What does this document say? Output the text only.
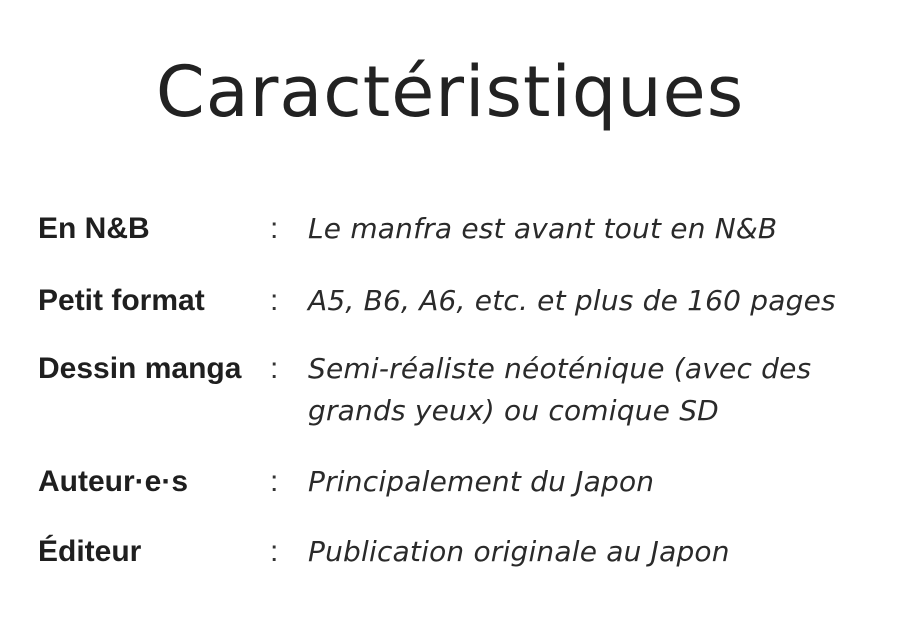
Caractéristiques
En N&B	: Le manfra est avant tout en N&B
Petit format : A5, B6, A6, etc. et plus de 160 pages
Dessin manga : Semi-réaliste néoténique (avec des grands yeux) ou comique SD
Auteur·e·s	: Principalement du Japon
Éditeur	: Publication originale au Japon
